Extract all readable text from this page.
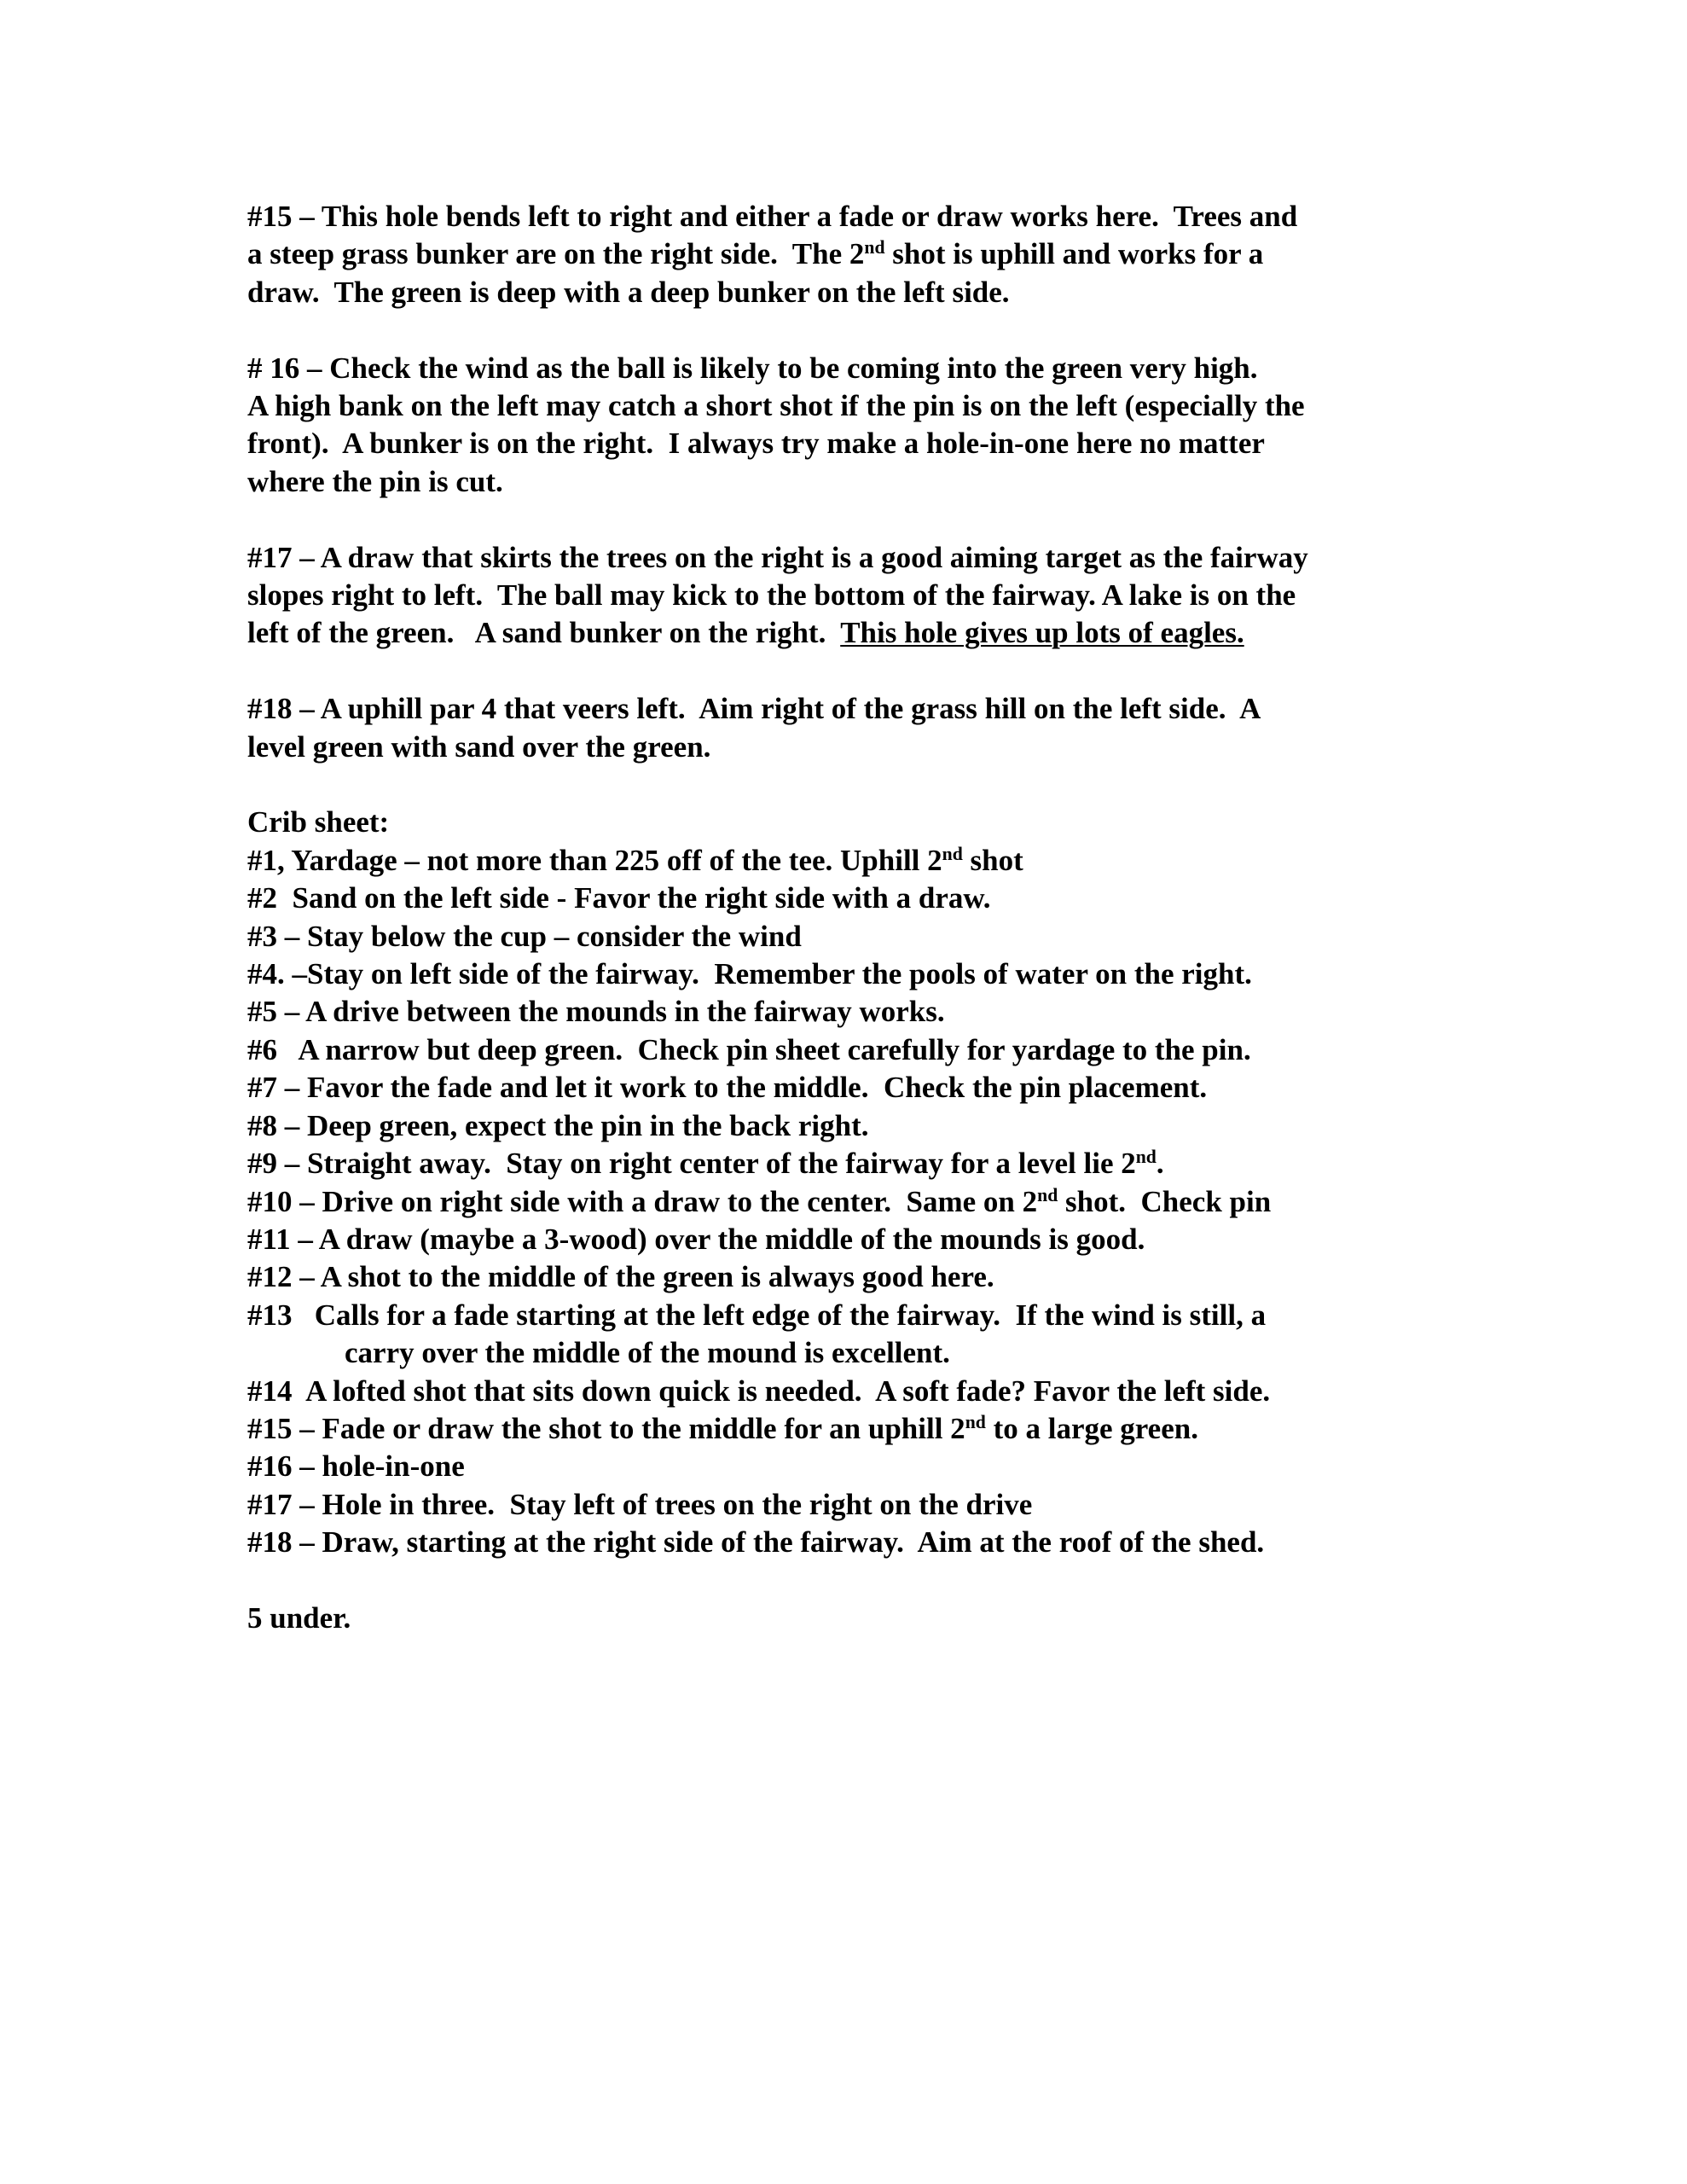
#15 – This hole bends left to right and either a fade or draw works here.  Trees and
a steep grass bunker are on the right side.  The 2nd shot is uphill and works for a
draw.  The green is deep with a deep bunker on the left side.
# 16 – Check the wind as the ball is likely to be coming into the green very high.
A high bank on the left may catch a short shot if the pin is on the left (especially the
front).  A bunker is on the right.  I always try make a hole-in-one here no matter
where the pin is cut.
#17 – A draw that skirts the trees on the right is a good aiming target as the fairway
slopes right to left.  The ball may kick to the bottom of the fairway. A lake is on the
left of the green.   A sand bunker on the right.  This hole gives up lots of eagles.
#18 – A uphill par 4 that veers left.  Aim right of the grass hill on the left side.  A
level green with sand over the green.
Crib sheet:
#1, Yardage – not more than 225 off of the tee. Uphill 2nd shot
#2  Sand on the left side - Favor the right side with a draw.
#3 – Stay below the cup – consider the wind
#4. –Stay on left side of the fairway.  Remember the pools of water on the right.
#5 – A drive between the mounds in the fairway works.
#6   A narrow but deep green.  Check pin sheet carefully for yardage to the pin.
#7 – Favor the fade and let it work to the middle.  Check the pin placement.
#8 – Deep green, expect the pin in the back right.
#9 – Straight away.  Stay on right center of the fairway for a level lie 2nd.
#10 – Drive on right side with a draw to the center.  Same on 2nd shot.  Check pin
#11 – A draw (maybe a 3-wood) over the middle of the mounds is good.
#12 – A shot to the middle of the green is always good here.
#13   Calls for a fade starting at the left edge of the fairway.  If the wind is still, a
carry over the middle of the mound is excellent.
#14  A lofted shot that sits down quick is needed.  A soft fade? Favor the left side.
#15 – Fade or draw the shot to the middle for an uphill 2nd to a large green.
#16 – hole-in-one
#17 – Hole in three.  Stay left of trees on the right on the drive
#18 – Draw, starting at the right side of the fairway.  Aim at the roof of the shed.
5 under.
